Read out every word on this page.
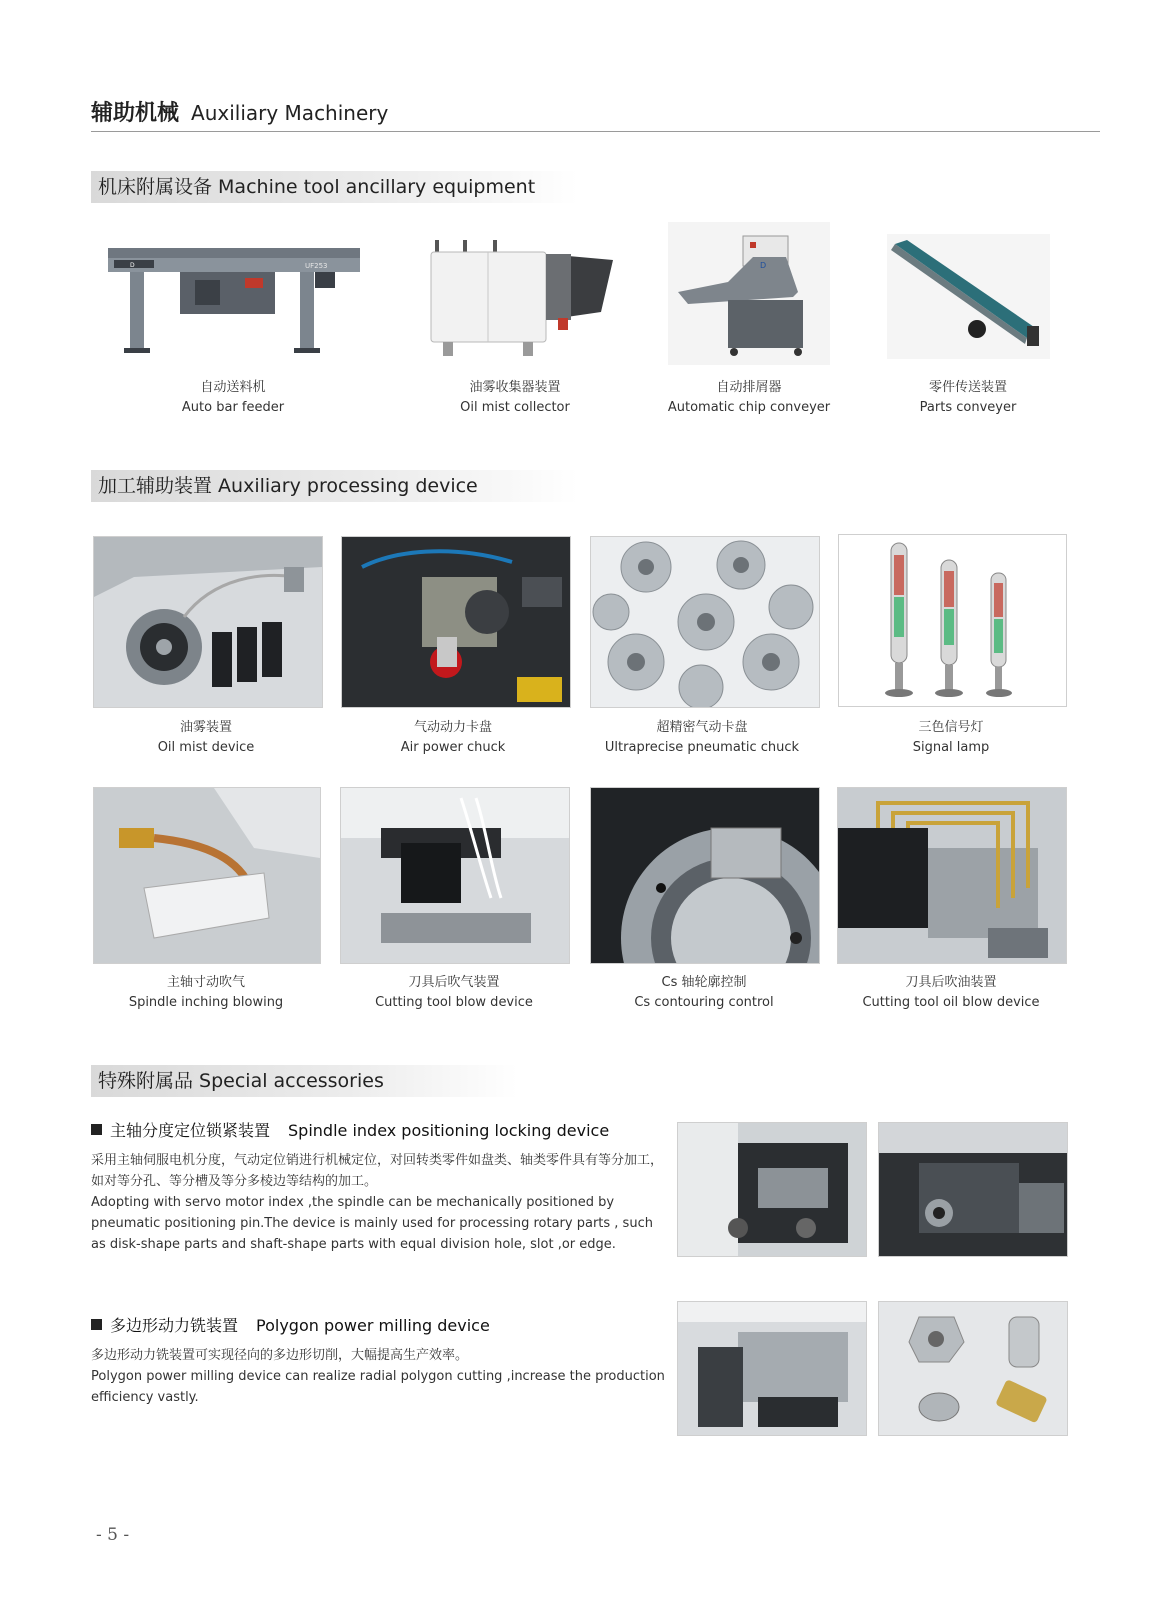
辅助机械 Auxiliary Machinery
机床附属设备 Machine tool ancillary equipment
D	UF253
自动送料机
Auto bar feeder
油雾收集器装置
Oil mist collector
D
自动排屑器
Automatic chip conveyer
零件传送装置
Parts conveyer
加工辅助装置 Auxiliary processing device
油雾装置
Oil mist device
气动动力卡盘
Air power chuck
超精密气动卡盘
Ultraprecise pneumatic chuck
三色信号灯
Signal lamp
主轴寸动吹气
Spindle inching blowing
刀具后吹气装置
Cutting tool blow device
Cs 轴轮廓控制
Cs contouring control
刀具后吹油装置
Cutting tool oil blow device
特殊附属品 Special accessories
主轴分度定位锁紧装置 Spindle index positioning locking device
采用主轴伺服电机分度，气动定位销进行机械定位，对回转类零件如盘类、轴类零件具有等分加工，
如对等分孔、等分槽及等分多棱边等结构的加工。
Adopting with servo motor index ,the spindle can be mechanically positioned by
pneumatic positioning pin.The device is mainly used for processing rotary parts , such
as disk-shape parts and shaft-shape parts with equal division hole, slot ,or edge.
多边形动力铣装置 Polygon power milling device
多边形动力铣装置可实现径向的多边形切削，大幅提高生产效率。
Polygon power milling device can realize radial polygon cutting ,increase the production
efficiency vastly.
- 5 -
